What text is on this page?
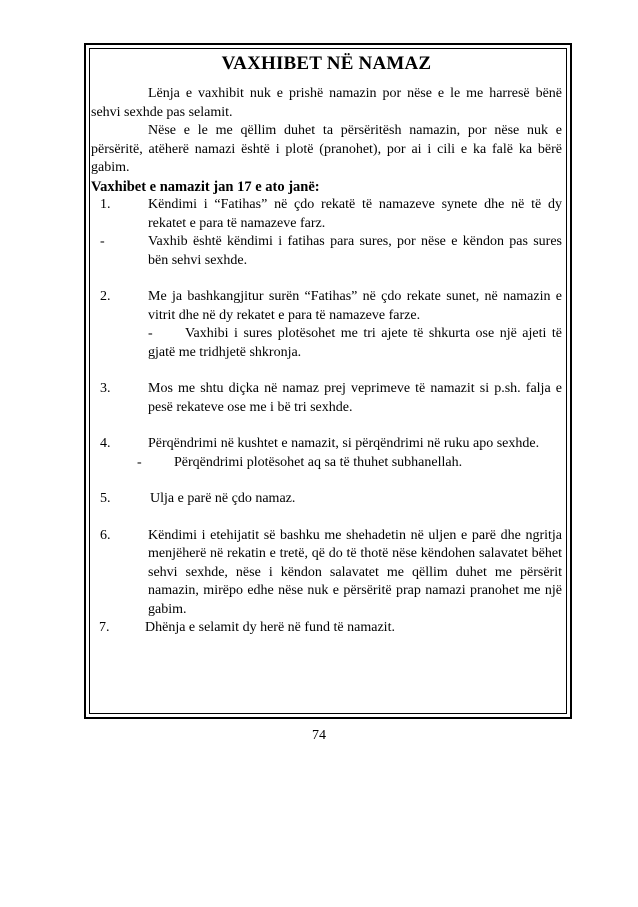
VAXHIBET NË NAMAZ

Lënja e vaxhibit nuk e prishë namazin por nëse e le me harresë bënë sehvi sexhde pas selamit.

Nëse e le me qëllim duhet ta përsëritësh namazin, por nëse nuk e përsëritë, atëherë namazi është i plotë (pranohet), por ai i cili e ka falë ka bërë gabim.

Vaxhibet e namazit jan 17 e ato janë:

1.	Këndimi i “Fatihas” në çdo rekatë të namazeve synete dhe në të dy rekatet e para të namazeve farz.
-	Vaxhib është këndimi i fatihas para sures, por nëse e këndon pas sures bën sehvi sexhde.
2.	Me ja bashkangjitur surën “Fatihas” në çdo rekate sunet, në namazin e vitrit dhe në dy rekatet e para të namazeve farze.
- Vaxhibi i sures plotësohet me tri ajete të shkurta ose një ajeti të gjatë me tridhjetë shkronja.
3.	Mos me shtu diçka në namaz prej veprimeve të namazit si p.sh. falja e pesë rekateve ose me i bë tri sexhde.
4.	Përqëndrimi në kushtet e namazit, si përqëndrimi në ruku apo sexhde.
- Përqëndrimi plotësohet aq sa të thuhet subhanellah.
5.	Ulja e parë në çdo namaz.
6.	Këndimi i etehijatit së bashku me shehadetin në uljen e parë dhe ngritja menjëherë në rekatin e tretë, që do të thotë nëse këndohen salavatet bëhet sehvi sexhde, nëse i këndon salavatet me qëllim duhet me përsërit namazin, mirëpo edhe nëse nuk e përsëritë prap namazi pranohet me një gabim.
7.	Dhënja e selamit dy herë në fund të namazit.
74
